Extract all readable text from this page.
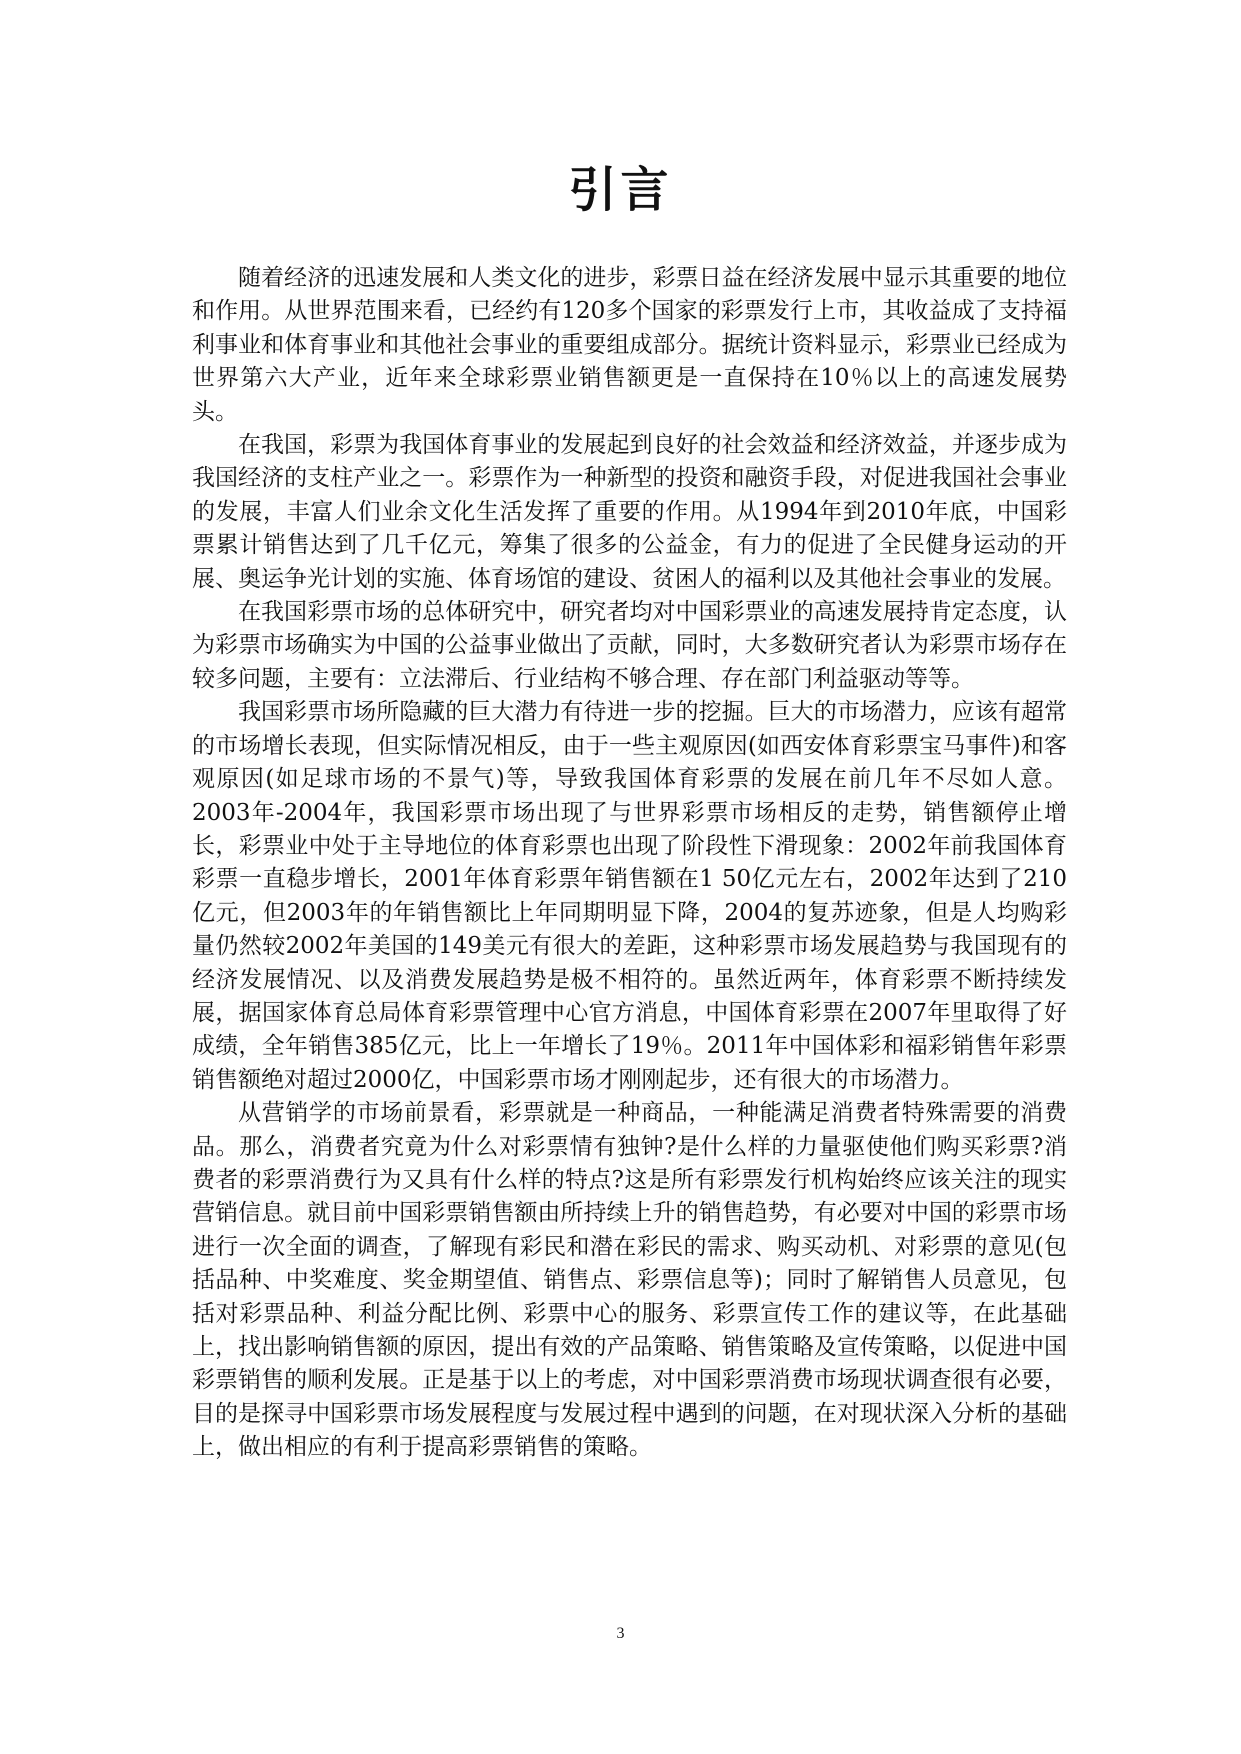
引言

随着经济的迅速发展和人类文化的进步，彩票日益在经济发展中显示其重要的地位和作用。从世界范围来看，已经约有120多个国家的彩票发行上市，其收益成了支持福利事业和体育事业和其他社会事业的重要组成部分。据统计资料显示，彩票业已经成为世界第六大产业，近年来全球彩票业销售额更是一直保持在10％以上的高速发展势头。

在我国，彩票为我国体育事业的发展起到良好的社会效益和经济效益，并逐步成为我国经济的支柱产业之一。彩票作为一种新型的投资和融资手段，对促进我国社会事业的发展，丰富人们业余文化生活发挥了重要的作用。从1994年到2010年底，中国彩票累计销售达到了几千亿元，筹集了很多的公益金，有力的促进了全民健身运动的开展、奥运争光计划的实施、体育场馆的建设、贫困人的福利以及其他社会事业的发展。

在我国彩票市场的总体研究中，研究者均对中国彩票业的高速发展持肯定态度，认为彩票市场确实为中国的公益事业做出了贡献，同时，大多数研究者认为彩票市场存在较多问题，主要有：立法滞后、行业结构不够合理、存在部门利益驱动等等。

我国彩票市场所隐藏的巨大潜力有待进一步的挖掘。巨大的市场潜力，应该有超常的市场增长表现，但实际情况相反，由于一些主观原因(如西安体育彩票宝马事件)和客观原因(如足球市场的不景气)等，导致我国体育彩票的发展在前几年不尽如人意。2003年-2004年，我国彩票市场出现了与世界彩票市场相反的走势，销售额停止增长，彩票业中处于主导地位的体育彩票也出现了阶段性下滑现象：2002年前我国体育彩票一直稳步增长，2001年体育彩票年销售额在1 50亿元左右，2002年达到了210亿元，但2003年的年销售额比上年同期明显下降，2004的复苏迹象，但是人均购彩量仍然较2002年美国的149美元有很大的差距，这种彩票市场发展趋势与我国现有的经济发展情况、以及消费发展趋势是极不相符的。虽然近两年，体育彩票不断持续发展，据国家体育总局体育彩票管理中心官方消息，中国体育彩票在2007年里取得了好成绩，全年销售385亿元，比上一年增长了19％。2011年中国体彩和福彩销售年彩票销售额绝对超过2000亿，中国彩票市场才刚刚起步，还有很大的市场潜力。

从营销学的市场前景看，彩票就是一种商品，一种能满足消费者特殊需要的消费品。那么，消费者究竟为什么对彩票情有独钟?是什么样的力量驱使他们购买彩票?消费者的彩票消费行为又具有什么样的特点?这是所有彩票发行机构始终应该关注的现实营销信息。就目前中国彩票销售额由所持续上升的销售趋势，有必要对中国的彩票市场进行一次全面的调查，了解现有彩民和潜在彩民的需求、购买动机、对彩票的意见(包括品种、中奖难度、奖金期望值、销售点、彩票信息等)；同时了解销售人员意见，包括对彩票品种、利益分配比例、彩票中心的服务、彩票宣传工作的建议等，在此基础上，找出影响销售额的原因，提出有效的产品策略、销售策略及宣传策略，以促进中国彩票销售的顺利发展。正是基于以上的考虑，对中国彩票消费市场现状调查很有必要，目的是探寻中国彩票市场发展程度与发展过程中遇到的问题，在对现状深入分析的基础上，做出相应的有利于提高彩票销售的策略。

3
